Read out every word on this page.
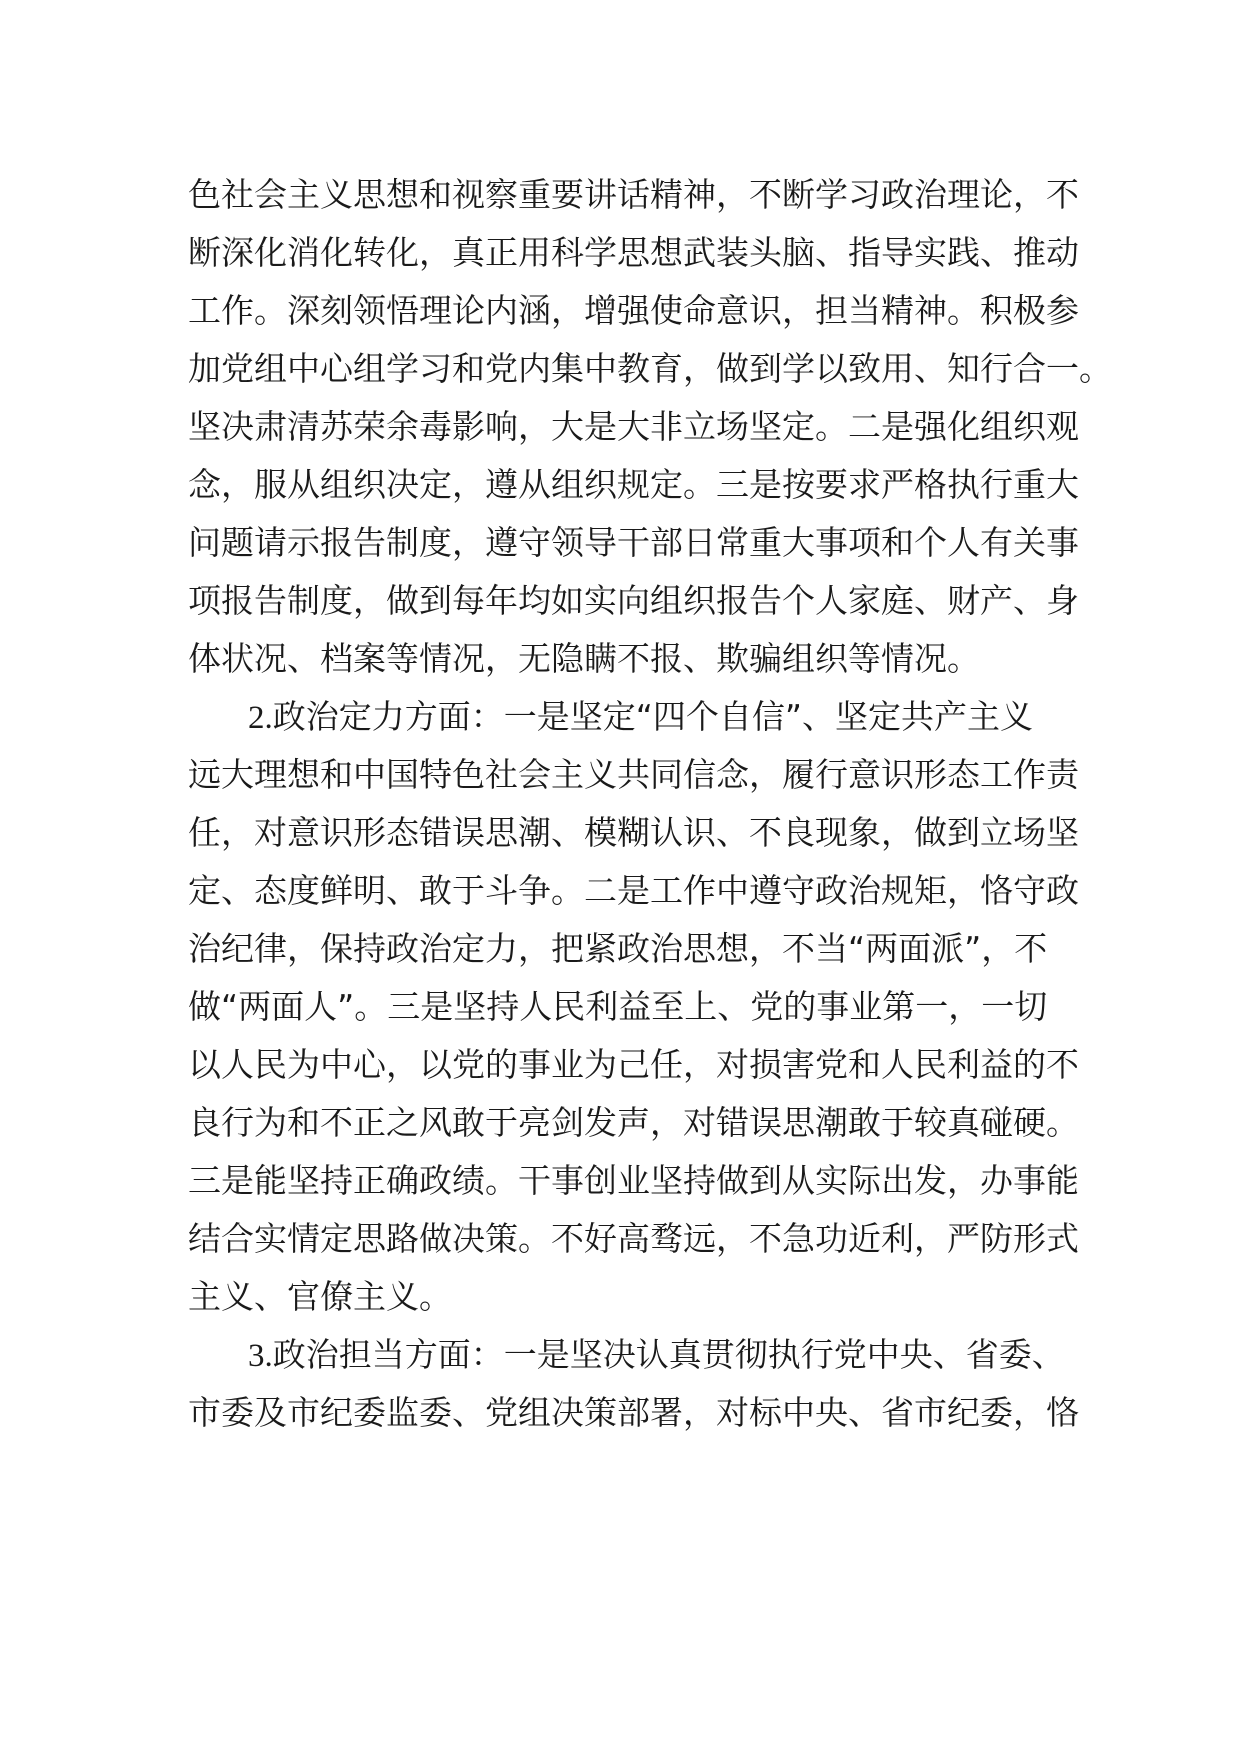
色社会主义思想和视察重要讲话精神，不断学习政治理论，不
断深化消化转化，真正用科学思想武装头脑、指导实践、推动
工作。深刻领悟理论内涵，增强使命意识，担当精神。积极参
加党组中心组学习和党内集中教育，做到学以致用、知行合一。
坚决肃清苏荣余毒影响，大是大非立场坚定。二是强化组织观
念，服从组织决定，遵从组织规定。三是按要求严格执行重大
问题请示报告制度，遵守领导干部日常重大事项和个人有关事
项报告制度，做到每年均如实向组织报告个人家庭、财产、身
体状况、档案等情况，无隐瞒不报、欺骗组织等情况。
2.政治定力方面：一是坚定“四个自信”、坚定共产主义
远大理想和中国特色社会主义共同信念，履行意识形态工作责
任，对意识形态错误思潮、模糊认识、不良现象，做到立场坚
定、态度鲜明、敢于斗争。二是工作中遵守政治规矩，恪守政
治纪律，保持政治定力，把紧政治思想，不当“两面派”，不
做“两面人”。三是坚持人民利益至上、党的事业第一，一切
以人民为中心，以党的事业为己任，对损害党和人民利益的不
良行为和不正之风敢于亮剑发声，对错误思潮敢于较真碰硬。
三是能坚持正确政绩。干事创业坚持做到从实际出发，办事能
结合实情定思路做决策。不好高骛远，不急功近利，严防形式
主义、官僚主义。
3.政治担当方面：一是坚决认真贯彻执行党中央、省委、
市委及市纪委监委、党组决策部署，对标中央、省市纪委，恪
